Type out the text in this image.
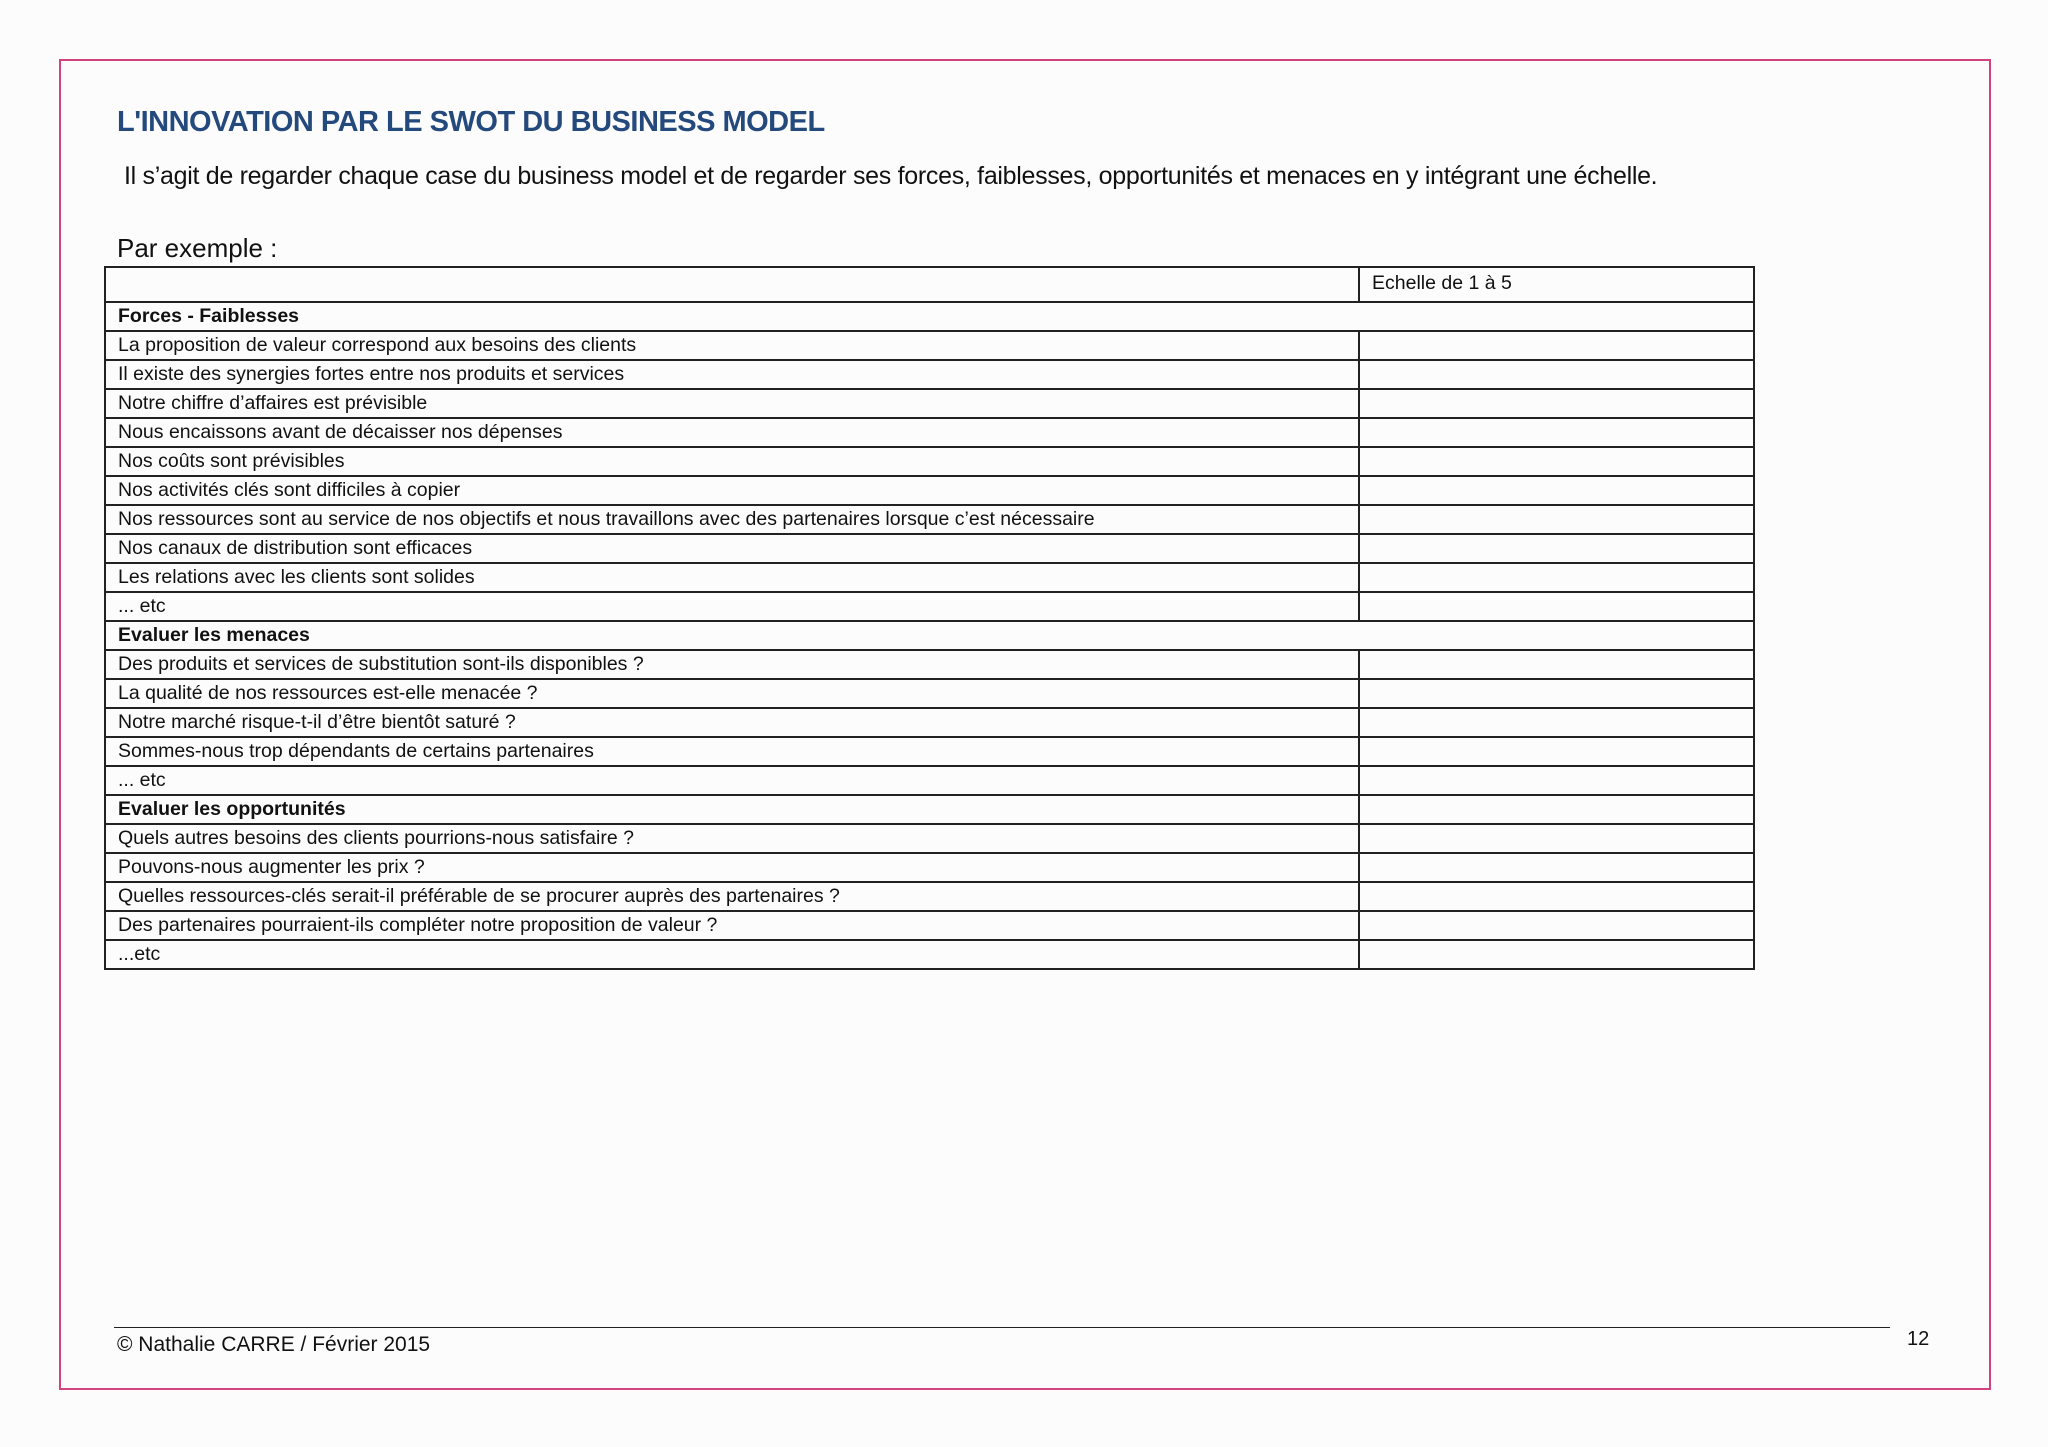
L'INNOVATION PAR LE SWOT DU BUSINESS MODEL
Il s’agit de regarder chaque case du business model et de regarder ses forces, faiblesses, opportunités et menaces en y intégrant une échelle.
Par exemple :
	Echelle de 1 à 5
Forces - Faiblesses	
La proposition de valeur correspond aux besoins des clients	
Il existe des synergies fortes entre nos produits et services	
Notre chiffre d’affaires est prévisible	
Nous encaissons avant de décaisser nos dépenses	
Nos coûts sont prévisibles	
Nos activités clés sont difficiles à copier	
Nos ressources sont au service de nos objectifs et nous travaillons avec des partenaires lorsque c’est nécessaire	
Nos canaux de distribution sont efficaces	
Les relations avec les clients sont solides	
... etc	
Evaluer les menaces	
Des produits et services de substitution sont-ils disponibles ?	
La qualité de nos ressources est-elle menacée ?	
Notre marché risque-t-il d’être bientôt saturé ?	
Sommes-nous trop dépendants de certains partenaires	
... etc	
Evaluer les opportunités	
Quels autres besoins des clients pourrions-nous satisfaire ?	
Pouvons-nous augmenter les prix ?	
Quelles ressources-clés serait-il préférable de se procurer auprès des partenaires ?	
Des partenaires pourraient-ils compléter notre proposition de valeur ?	
...etc	
© Nathalie CARRE / Février 2015	12
